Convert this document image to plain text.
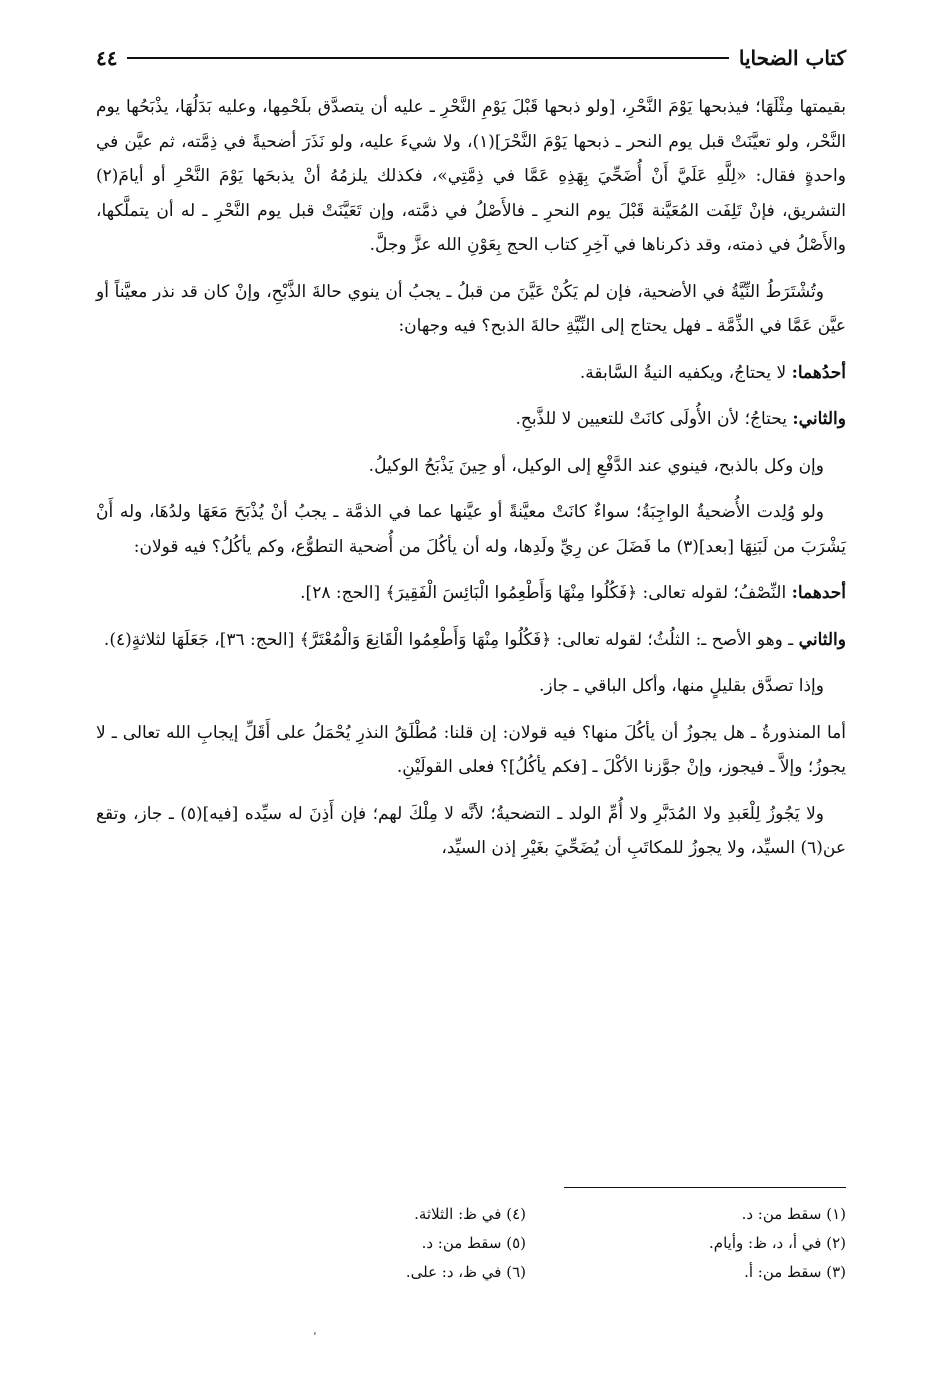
كتاب الضحايا
٤٤

بقيمتها مِثْلَهَا؛ فيذبحها يَوْمَ النَّحْرِ، [ولو ذبحها قَبْلَ يَوْمِ النَّحْرِ ـ عليه أن يتصدَّق بلَحْمِها، وعليه بَدَلُهَا، يذْبَحُها يوم النَّحْر، ولو تعيَّنَتْ قبل يوم النحر ـ ذبحها يَوْمَ النَّحْرَ](١)، ولا شيءَ عليه، ولو نَذَرَ أضحيةً في ذِمَّته، ثم عيَّن في واحدةٍ فقال: «لِلَّهِ عَلَيَّ أَنْ أُضَحِّيَ بِهَذِهِ عَمَّا في ذِمَّتِي»، فكذلك يلزمُهُ أنْ يذبحَها يَوْمَ النَّحْرِ أو أيامَ(٢) التشريق، فإنْ تَلِفَت المُعَيَّنة قَبْلَ يوم النحرِ ـ فالأَصْلُ في ذمَّته، وإن تَعَيَّنَتْ قبل يوم النَّحْرِ ـ له أن يتملَّكها، والأَصْلُ في ذمته، وقد ذكرناها في آخِرِ كتاب الحج بِعَوْنِ الله عزَّ وجلَّ.

وتُشْتَرَطُ النِّيَّةُ في الأضحية، فإن لم يَكُنْ عَيَّنَ من قبلُ ـ يجبُ أن ينوي حالةَ الذَّبْحِ، وإنْ كان قد نذر معيَّناً أو عيَّن عَمَّا في الذِّمَّة ـ فهل يحتاج إلى النِّيَّةِ حالةَ الذبح؟ فيه وجهان:

أحدُهما: لا يحتاجُ، ويكفيه النيةُ السَّابقة.

والثاني: يحتاجُ؛ لأن الأُولَى كانَتْ للتعيين لا للذَّبحِ.

وإن وكل بالذبح، فينوي عند الدَّفْعِ إلى الوكيل، أو حِينَ يَذْبَحُ الوكيلُ.

ولو وُلِدت الأُضحيةُ الواجِبَةُ؛ سواءٌ كانَتْ معيَّنةً أو عيَّنها عما في الذمَّة ـ يجبُ أنْ يُذْبَحَ مَعَهَا ولدُهَا، وله أَنْ يَشْرَبَ من لَبَنِهَا [بعد](٣) ما فَضَلَ عن رِيِّ ولَدِها، وله أن يأكُلَ من أُضحية التطوُّع، وكم يأكُلُ؟ فيه قولان:

أحدهما: النِّصْفُ؛ لقوله تعالى: ﴿فَكُلُوا مِنْهَا وَأَطْعِمُوا الْبَائِسَ الْفَقِيرَ﴾ [الحج: ٢٨].

والثاني ـ وهو الأصح ـ: الثلُثُ؛ لقوله تعالى: ﴿فَكُلُوا مِنْهَا وَأَطْعِمُوا الْقَانِعَ وَالْمُعْتَرَّ﴾ [الحج: ٣٦]، جَعَلَهَا لثلاثةٍ(٤).

وإذا تصدَّق بقليلٍ منها، وأكل الباقي ـ جاز.

أما المنذورةُ ـ هل يجوزُ أن يأكُلَ منها؟ فيه قولان: إن قلنا: مُطْلَقُ النذرِ يُحْمَلُ على أَقَلِّ إيجابِ الله تعالى ـ لا يجوزُ؛ وإلاَّ ـ فيجوز، وإنْ جوَّزنا الأكْلَ ـ [فكم يأكُلُ]؟ فعلى القولَيْنِ.

ولا يَجُوزُ لِلْعَبدِ ولا المُدَبَّرِ ولا أُمِّ الولد ـ التضحيةُ؛ لأنَّه لا مِلْكَ لهم؛ فإن أَذِنَ له سيِّده [فيه](٥) ـ جاز، وتقع عن(٦) السيِّد، ولا يجوزُ للمكاتَبِ أن يُضَحِّيَ بغَيْرِ إذن السيِّد،

(١) سقط من: د.
(٢) في أ، د، ظ: وأيام.
(٣) سقط من: أ.
(٤) في ظ: الثلاثة.
(٥) سقط من: د.
(٦) في ظ، د: على.
